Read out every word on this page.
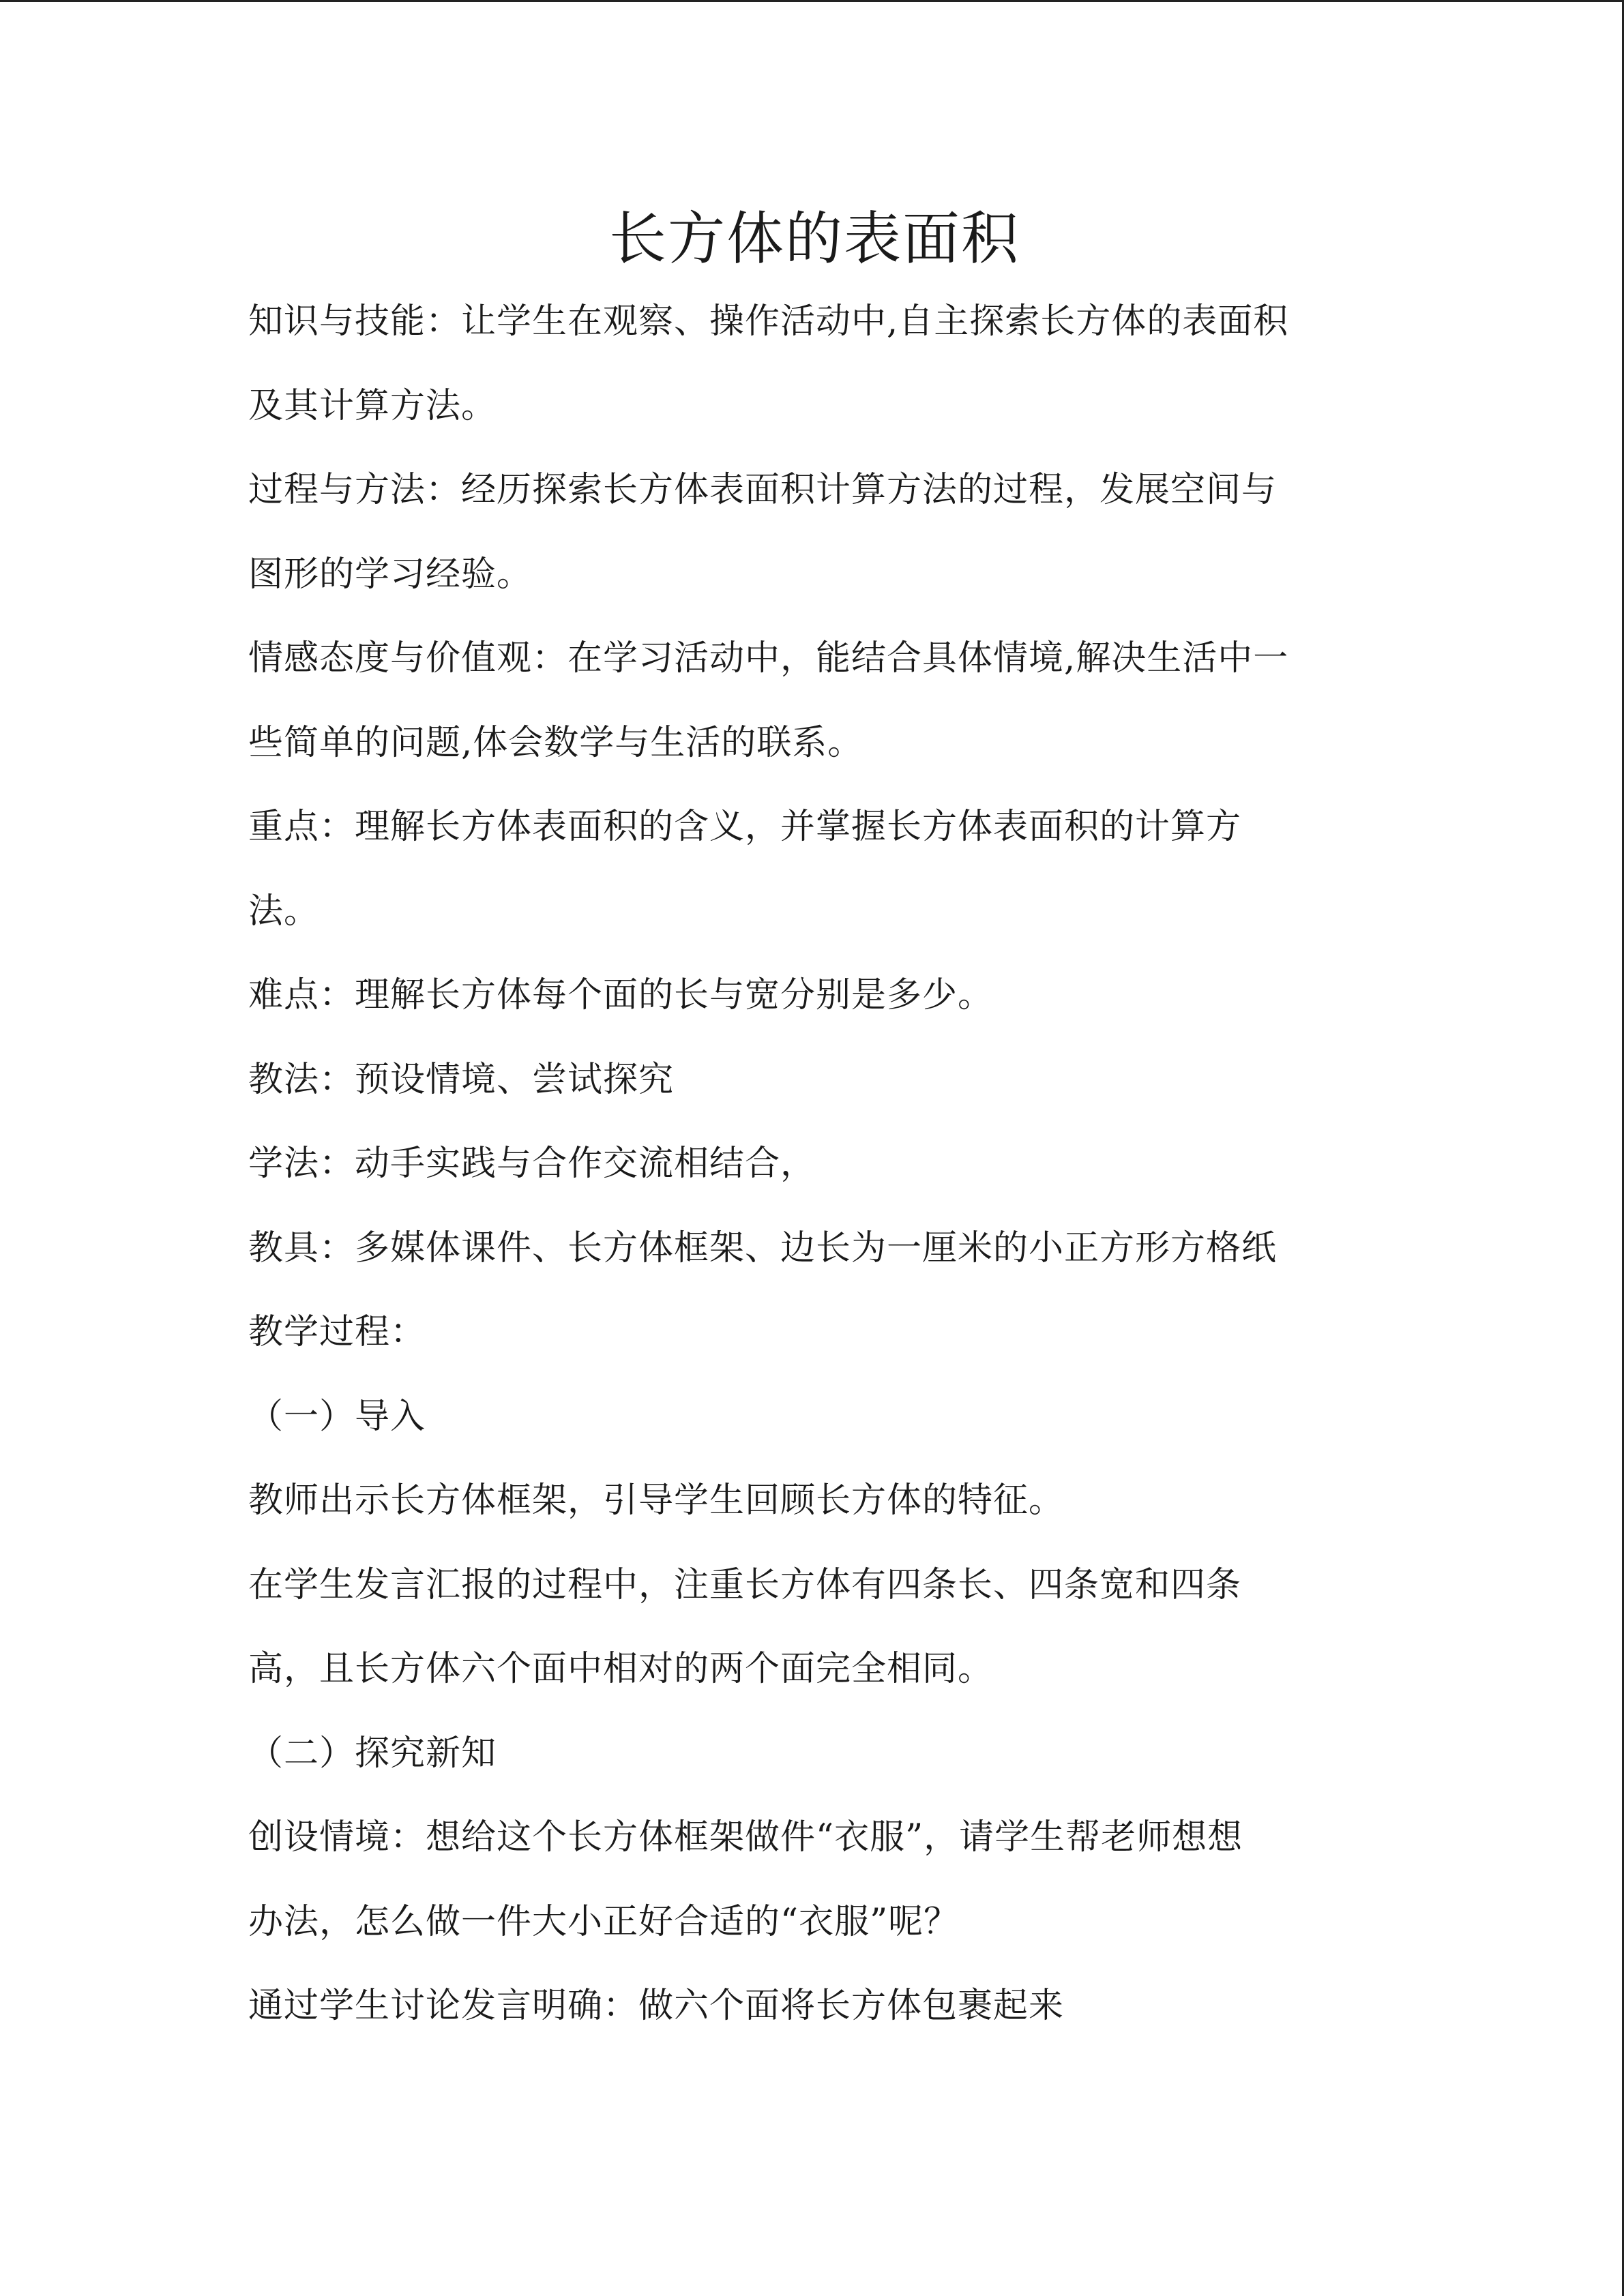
长方体的表面积

知识与技能：让学生在观察、操作活动中,自主探索长方体的表面积

及其计算方法。

过程与方法：经历探索长方体表面积计算方法的过程，发展空间与

图形的学习经验。

情感态度与价值观：在学习活动中，能结合具体情境,解决生活中一

些简单的问题,体会数学与生活的联系。

重点：理解长方体表面积的含义，并掌握长方体表面积的计算方

法。

难点：理解长方体每个面的长与宽分别是多少。

教法：预设情境、尝试探究

学法：动手实践与合作交流相结合，

教具：多媒体课件、长方体框架、边长为一厘米的小正方形方格纸

教学过程：

（一）导入

教师出示长方体框架，引导学生回顾长方体的特征。

在学生发言汇报的过程中，注重长方体有四条长、四条宽和四条

高，且长方体六个面中相对的两个面完全相同。

（二）探究新知

创设情境：想给这个长方体框架做件“衣服”，请学生帮老师想想

办法，怎么做一件大小正好合适的“衣服”呢？

通过学生讨论发言明确：做六个面将长方体包裹起来
